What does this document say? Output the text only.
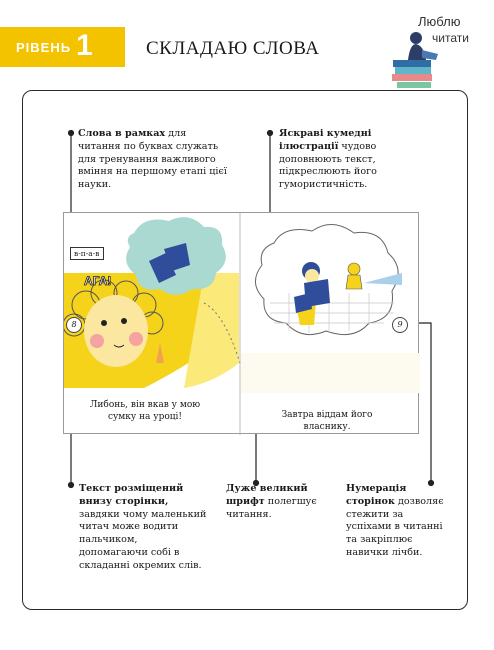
РІВЕНЬ 1	СКЛАДАЮ СЛОВА
Люблю
читати
Слова в рамках для читання по буквах служать для тренування важливого вміння на першому етапі цієї науки.
Яскраві кумедні ілюстрації чудово доповнюють текст, підкреслюють його гумористичність.
Текст розміщений внизу сторінки, завдяки чому маленький читач може водити пальчиком, допомагаючи собі в складанні окремих слів.
Дуже великий шрифт полегшує читання.
Нумерація сторінок дозволяє стежити за успіхами в читанні та закріплює навички лічби.
АГА!
в-п-а-в
8	9
Либонь, він вкав у мою сумку на уроці!	Завтра віддам його власнику.
